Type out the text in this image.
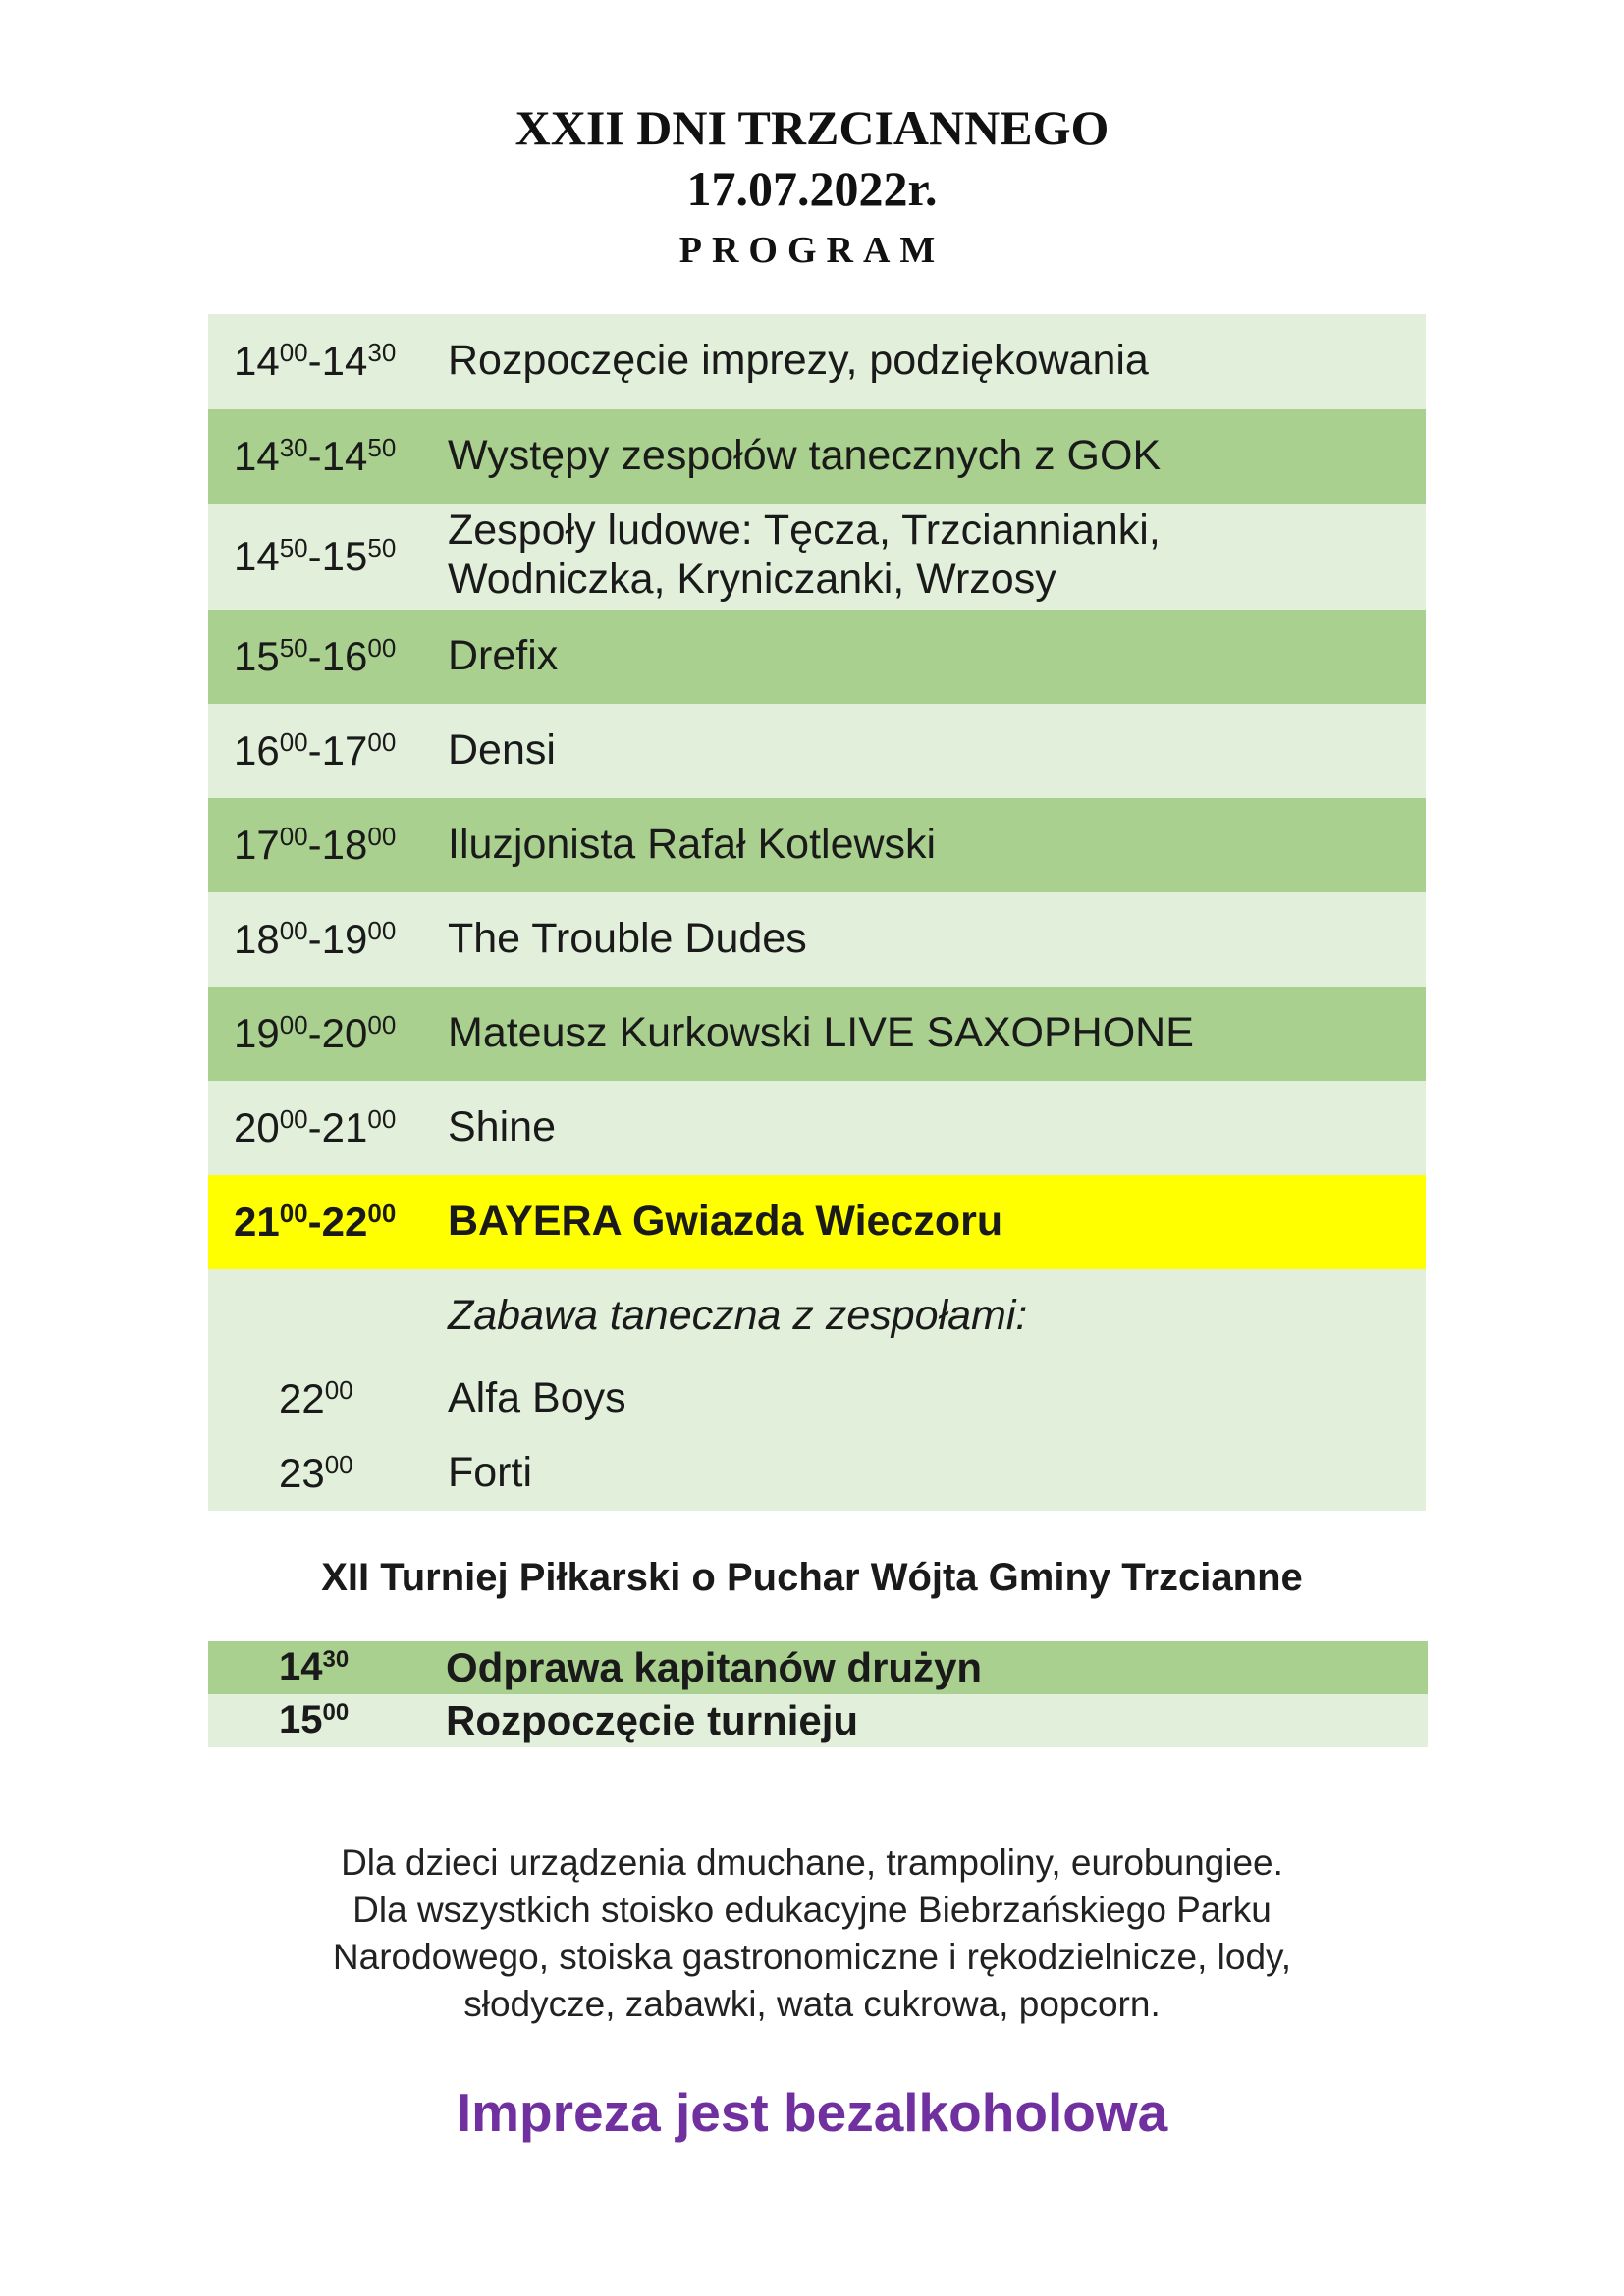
XXII DNI TRZCIANNEGO
17.07.2022r.
PROGRAM
$14^{00}-14^{30}$ Rozpoczęcie imprezy, podziękowania
$14^{30}-14^{50}$ Występy zespołów tanecznych z GOK
$14^{50}-15^{50}$ Zespoły ludowe: Tęcza, Trzciannianki,
Wodniczka, Kryniczanki, Wrzosy
$15^{50}-16^{00}$ Drefix
$16^{00}-17^{00}$ Densi
$17^{00}-18^{00}$ Iluzjonista Rafał Kotlewski
$18^{00}-19^{00}$ The Trouble Dudes
$19^{00}-20^{00}$ Mateusz Kurkowski LIVE SAXOPHONE
$20^{00}-21^{00}$ Shine
$21^{00}-22^{00}$ BAYERA Gwiazda Wieczoru
Zabawa taneczna z zespołami:
$22^{00}$ Alfa Boys
$23^{00}$ Forti
XII Turniej Piłkarski o Puchar Wójta Gminy Trzcianne
$14^{30}$ Odprawa kapitanów drużyn
$15^{00}$ Rozpoczęcie turnieju
Dla dzieci urządzenia dmuchane, trampoliny, eurobungiee.
Dla wszystkich stoisko edukacyjne Biebrzańskiego Parku
Narodowego, stoiska gastronomiczne i rękodzielnicze, lody,
słodycze, zabawki, wata cukrowa, popcorn.
Impreza jest bezalkoholowa
